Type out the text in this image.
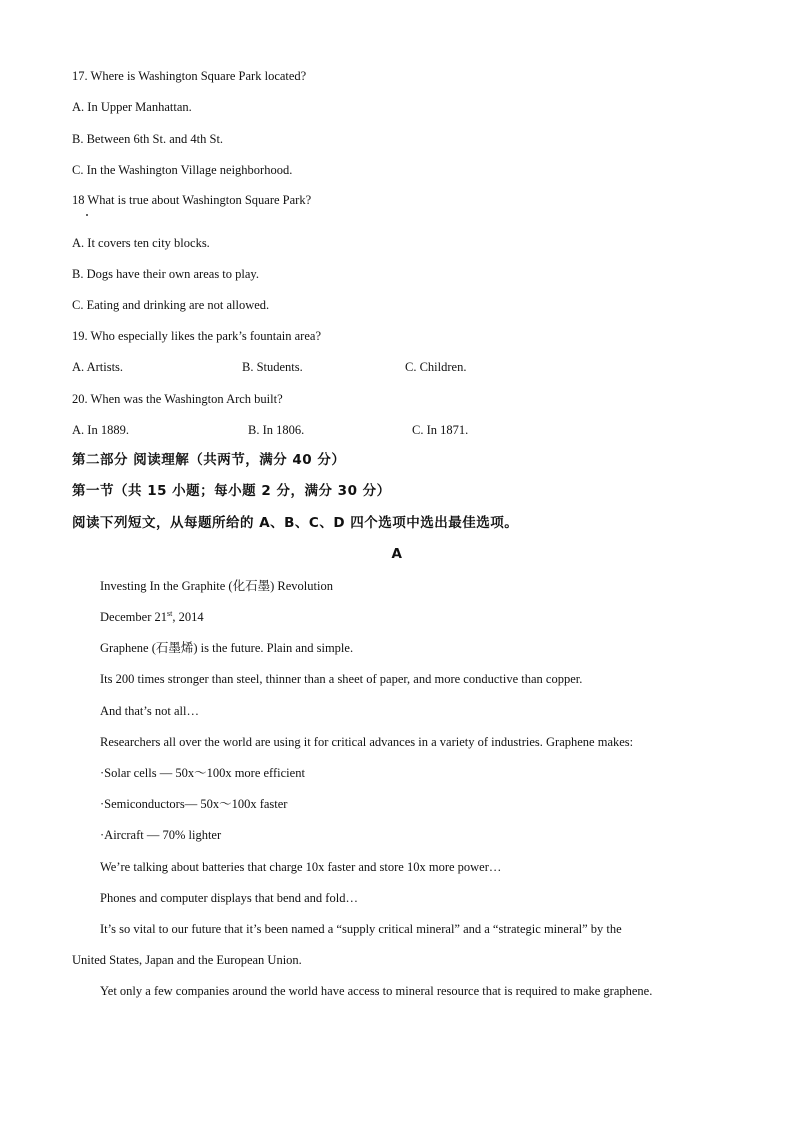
17. Where is Washington Square Park located?
A. In Upper Manhattan.
B. Between 6th St. and 4th St.
C. In the Washington Village neighborhood.
18 What is true about Washington Square Park?
A. It covers ten city blocks.
B. Dogs have their own areas to play.
C. Eating and drinking are not allowed.
19. Who especially likes the park’s fountain area?
A. Artists.	B. Students.	C. Children.
20. When was the Washington Arch built?
A. In 1889.	B. In 1806.	C. In 1871.
第二部分 阅读理解（共两节，满分 40 分）
第一节（共 15 小题；每小题 2 分，满分 30 分）
阅读下列短文，从每题所给的 A、B、C、D 四个选项中选出最佳选项。
A
Investing In the Graphite (化石墨) Revolution
December 21st, 2014
Graphene (石墨烯) is the future. Plain and simple.
Its 200 times stronger than steel, thinner than a sheet of paper, and more conductive than copper.
And that’s not all…
Researchers all over the world are using it for critical advances in a variety of industries. Graphene makes:
·Solar cells — 50x～100x more efficient
·Semiconductors— 50x～100x faster
·Aircraft — 70% lighter
We’re talking about batteries that charge 10x faster and store 10x more power…
Phones and computer displays that bend and fold…
It’s so vital to our future that it’s been named a “supply critical mineral” and a “strategic mineral” by the
United States, Japan and the European Union.
Yet only a few companies around the world have access to mineral resource that is required to make graphene.
